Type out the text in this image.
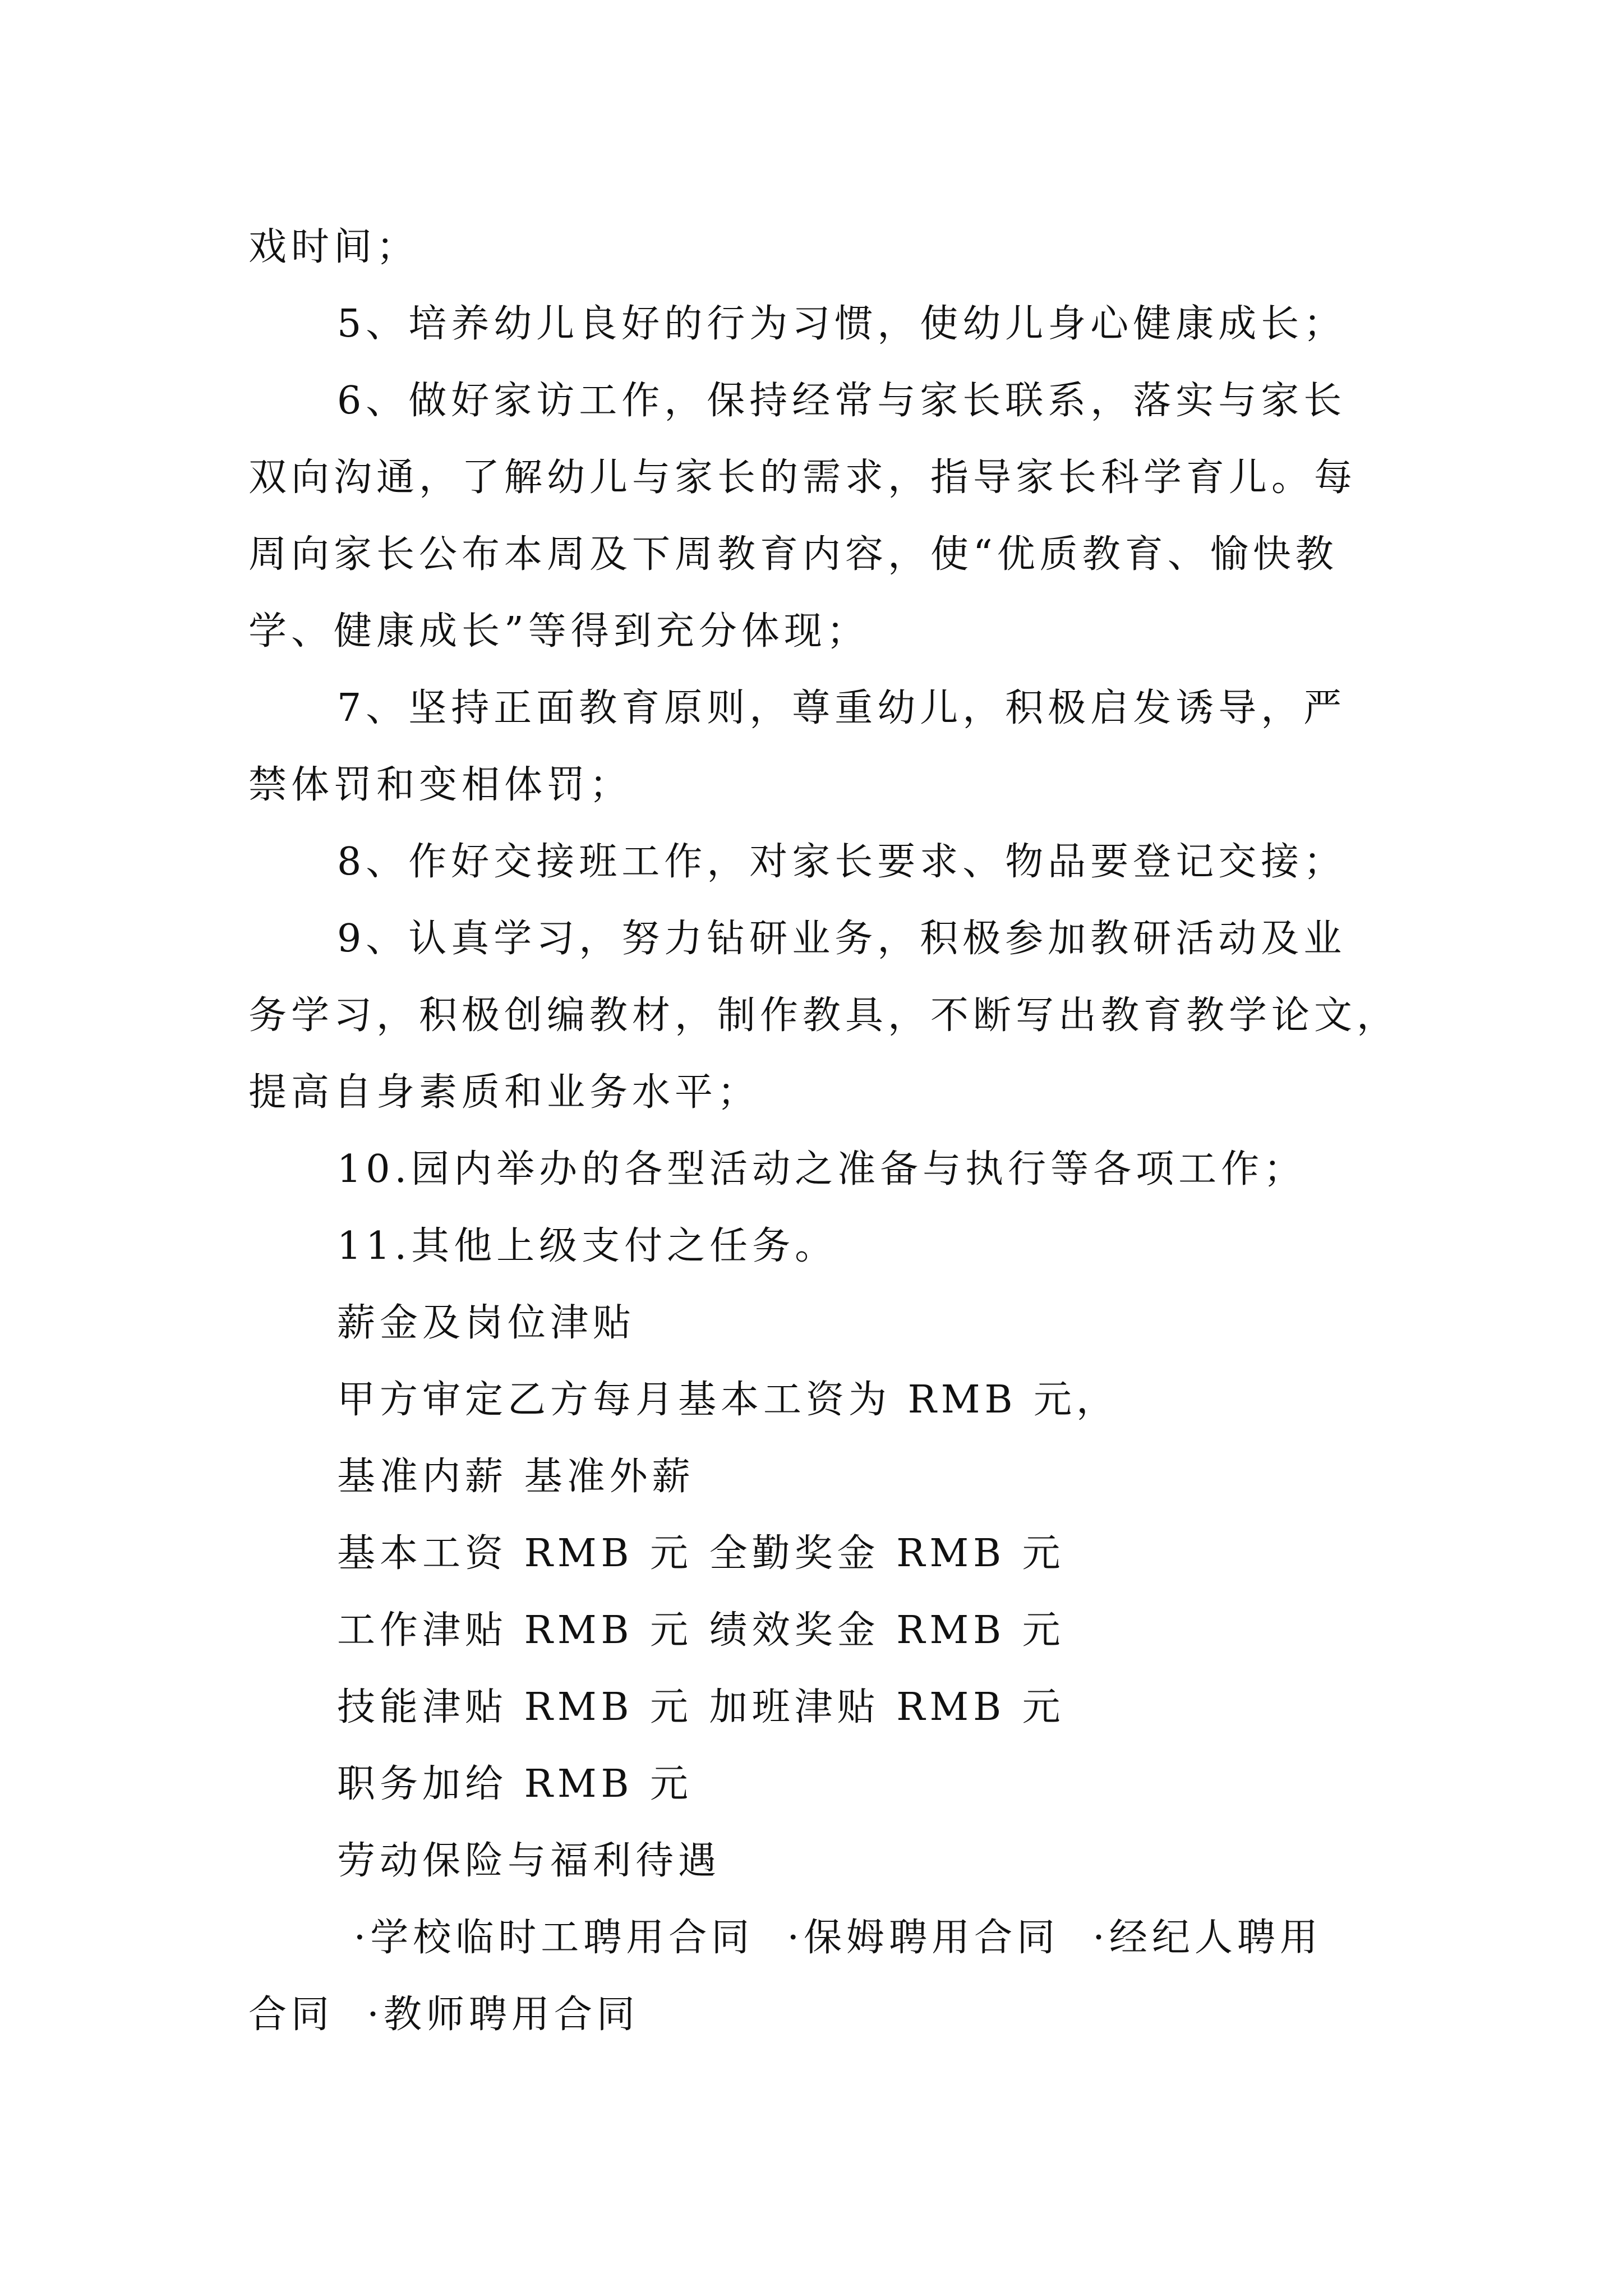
戏时间；
5、培养幼儿良好的行为习惯，使幼儿身心健康成长；
6、做好家访工作，保持经常与家长联系，落实与家长
双向沟通，了解幼儿与家长的需求，指导家长科学育儿。每
周向家长公布本周及下周教育内容，使“优质教育、愉快教
学、健康成长”等得到充分体现；
7、坚持正面教育原则，尊重幼儿，积极启发诱导，严
禁体罚和变相体罚；
8、作好交接班工作，对家长要求、物品要登记交接；
9、认真学习，努力钻研业务，积极参加教研活动及业
务学习，积极创编教材，制作教具，不断写出教育教学论文，
提高自身素质和业务水平；
10.园内举办的各型活动之准备与执行等各项工作；
11.其他上级支付之任务。
薪金及岗位津贴
甲方审定乙方每月基本工资为 RMB 元，
基准内薪 基准外薪
基本工资 RMB 元 全勤奖金 RMB 元
工作津贴 RMB 元 绩效奖金 RMB 元
技能津贴 RMB 元 加班津贴 RMB 元
职务加给 RMB 元
劳动保险与福利待遇
·学校临时工聘用合同  ·保姆聘用合同  ·经纪人聘用
合同  ·教师聘用合同
